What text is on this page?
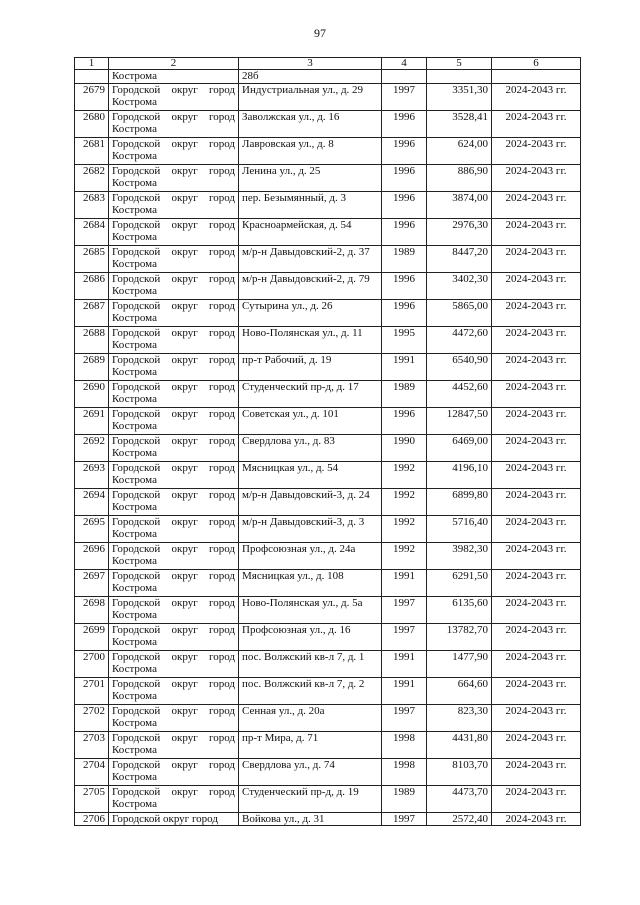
97
1	2	3	4	5	6
	Кострома	28б			
2679	Городской округ город Кострома	Индустриальная ул., д. 29	1997	3351,30	2024-2043 гг.
2680	Городской округ город Кострома	Заволжская ул., д. 16	1996	3528,41	2024-2043 гг.
2681	Городской округ город Кострома	Лавровская ул., д. 8	1996	624,00	2024-2043 гг.
2682	Городской округ город Кострома	Ленина ул., д. 25	1996	886,90	2024-2043 гг.
2683	Городской округ город Кострома	пер. Безымянный, д. 3	1996	3874,00	2024-2043 гг.
2684	Городской округ город Кострома	Красноармейская, д. 54	1996	2976,30	2024-2043 гг.
2685	Городской округ город Кострома	м/р-н Давыдовский-2, д. 37	1989	8447,20	2024-2043 гг.
2686	Городской округ город Кострома	м/р-н Давыдовский-2, д. 79	1996	3402,30	2024-2043 гг.
2687	Городской округ город Кострома	Сутырина ул., д. 26	1996	5865,00	2024-2043 гг.
2688	Городской округ город Кострома	Ново-Полянская ул., д. 11	1995	4472,60	2024-2043 гг.
2689	Городской округ город Кострома	пр-т Рабочий, д. 19	1991	6540,90	2024-2043 гг.
2690	Городской округ город Кострома	Студенческий пр-д, д. 17	1989	4452,60	2024-2043 гг.
2691	Городской округ город Кострома	Советская ул., д. 101	1996	12847,50	2024-2043 гг.
2692	Городской округ город Кострома	Свердлова ул., д. 83	1990	6469,00	2024-2043 гг.
2693	Городской округ город Кострома	Мясницкая ул., д. 54	1992	4196,10	2024-2043 гг.
2694	Городской округ город Кострома	м/р-н Давыдовский-3, д. 24	1992	6899,80	2024-2043 гг.
2695	Городской округ город Кострома	м/р-н Давыдовский-3, д. 3	1992	5716,40	2024-2043 гг.
2696	Городской округ город Кострома	Профсоюзная ул., д. 24а	1992	3982,30	2024-2043 гг.
2697	Городской округ город Кострома	Мясницкая ул., д. 108	1991	6291,50	2024-2043 гг.
2698	Городской округ город Кострома	Ново-Полянская ул., д. 5а	1997	6135,60	2024-2043 гг.
2699	Городской округ город Кострома	Профсоюзная ул., д. 16	1997	13782,70	2024-2043 гг.
2700	Городской округ город Кострома	пос. Волжский кв-л 7, д. 1	1991	1477,90	2024-2043 гг.
2701	Городской округ город Кострома	пос. Волжский кв-л 7, д. 2	1991	664,60	2024-2043 гг.
2702	Городской округ город Кострома	Сенная ул., д. 20а	1997	823,30	2024-2043 гг.
2703	Городской округ город Кострома	пр-т Мира, д. 71	1998	4431,80	2024-2043 гг.
2704	Городской округ город Кострома	Свердлова ул., д. 74	1998	8103,70	2024-2043 гг.
2705	Городской округ город Кострома	Студенческий пр-д, д. 19	1989	4473,70	2024-2043 гг.
2706	Городской округ город	Войкова ул., д. 31	1997	2572,40	2024-2043 гг.
